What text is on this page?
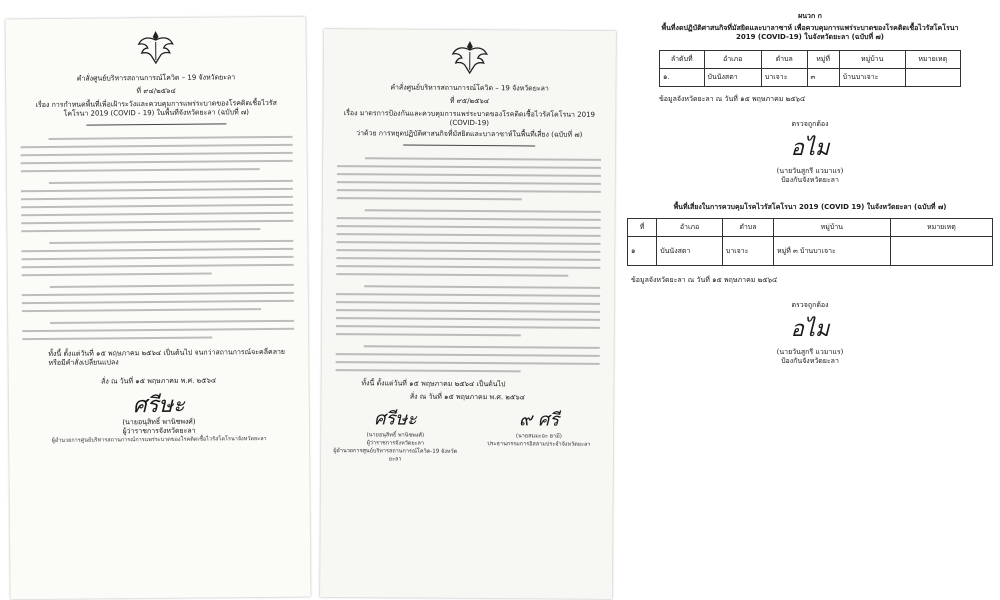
คำสั่งศูนย์บริหารสถานการณ์โควิด – 19 จังหวัดยะลา
ที่ ๙๔/๒๕๖๔
เรื่อง การกำหนดพื้นที่เพื่อเฝ้าระวังและควบคุมการแพร่ระบาดของโรคติดเชื้อไวรัสโคโรนา 2019 (COVID - 19) ในพื้นที่จังหวัดยะลา (ฉบับที่ ๗)
ทั้งนี้ ตั้งแต่วันที่ ๑๕ พฤษภาคม ๒๕๖๔ เป็นต้นไป จนกว่าสถานการณ์จะคลี่คลายหรือมีคำสั่งเปลี่ยนแปลง
สั่ง ณ วันที่ ๑๕ พฤษภาคม พ.ศ. ๒๕๖๔
ศรีษะ
(นายอนุสิทธิ์ พานิชพงศ์)
ผู้ว่าราชการจังหวัดยะลา
ผู้อำนวยการศูนย์บริหารสถานการณ์การแพร่ระบาดของโรคติดเชื้อไวรัสโคโรนาจังหวัดยะลา
คำสั่งศูนย์บริหารสถานการณ์โควิด – 19 จังหวัดยะลา
ที่ ๙๕/๒๕๖๔
เรื่อง มาตรการป้องกันและควบคุมการแพร่ระบาดของโรคติดเชื้อไวรัสโคโรนา 2019 (COVID-19)
ว่าด้วย การหยุดปฏิบัติศาสนกิจที่มัสยิดและบาลาซาห์ในพื้นที่เสี่ยง (ฉบับที่ ๗)
ทั้งนี้ ตั้งแต่วันที่ ๑๕ พฤษภาคม ๒๕๖๔ เป็นต้นไป
สั่ง ณ วันที่ ๑๕ พฤษภาคม พ.ศ. ๒๕๖๔
ศรีษะ
(นายอนุสิทธิ์ พานิชพงศ์)
ผู้ว่าราชการจังหวัดยะลา
ผู้อำนวยการศูนย์บริหารสถานการณ์โควิด-19 จังหวัดยะลา
๙ ศรี
(นายสมมะอะ ฮามี)
ประธานกรรมการอิสลามประจำจังหวัดยะลา
ผนวก ก
พื้นที่งดปฏิบัติศาสนกิจที่มัสยิดและบาลาซาห์ เพื่อควบคุมการแพร่ระบาดของโรคติดเชื้อไวรัสโคโรนา 2019 (COVID-19) ในจังหวัดยะลา (ฉบับที่ ๗)
ลำดับที่	อำเภอ	ตำบล	หมู่ที่	หมู่บ้าน	หมายเหตุ
๑.	บันนังสตา	บาเจาะ	๓	บ้านบาเจาะ	
ข้อมูลจังหวัดยะลา ณ วันที่ ๑๕ พฤษภาคม ๒๕๖๔
ตรวจถูกต้อง
อไม
(นายวันสูกรี แวมาแร)
ป้องกันจังหวัดยะลา
พื้นที่เสี่ยงในการควบคุมโรคไวรัสโคโรนา 2019 (COVID 19) ในจังหวัดยะลา (ฉบับที่ ๗)
ที่	อำเภอ	ตำบล	หมู่บ้าน	หมายเหตุ
๑	บันนังสตา	บาเจาะ	หมู่ที่ ๓ บ้านบาเจาะ	
ข้อมูลจังหวัดยะลา ณ วันที่ ๑๕ พฤษภาคม ๒๕๖๔
ตรวจถูกต้อง
อไม
(นายวันสูกรี แวมาแร)
ป้องกันจังหวัดยะลา
